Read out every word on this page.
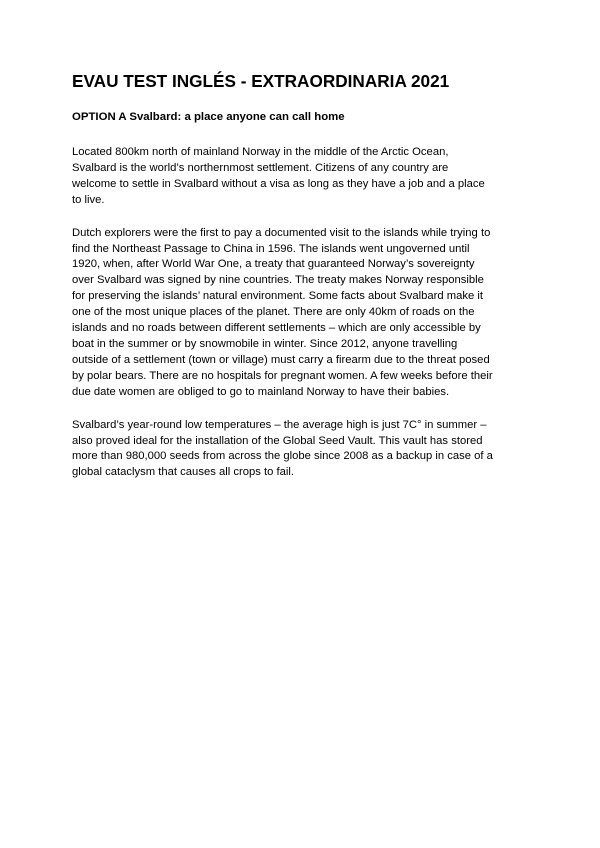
EVAU TEST INGLÉS - EXTRAORDINARIA 2021
OPTION A Svalbard: a place anyone can call home

Located 800km north of mainland Norway in the middle of the Arctic Ocean,
Svalbard is the world’s northernmost settlement. Citizens of any country are
welcome to settle in Svalbard without a visa as long as they have a job and a place
to live.

Dutch explorers were the first to pay a documented visit to the islands while trying to
find the Northeast Passage to China in 1596. The islands went ungoverned until
1920, when, after World War One, a treaty that guaranteed Norway’s sovereignty
over Svalbard was signed by nine countries. The treaty makes Norway responsible
for preserving the islands’ natural environment. Some facts about Svalbard make it
one of the most unique places of the planet. There are only 40km of roads on the
islands and no roads between different settlements – which are only accessible by
boat in the summer or by snowmobile in winter. Since 2012, anyone travelling
outside of a settlement (town or village) must carry a firearm due to the threat posed
by polar bears. There are no hospitals for pregnant women. A few weeks before their
due date women are obliged to go to mainland Norway to have their babies.

Svalbard’s year-round low temperatures – the average high is just 7C° in summer –
also proved ideal for the installation of the Global Seed Vault. This vault has stored
more than 980,000 seeds from across the globe since 2008 as a backup in case of a
global cataclysm that causes all crops to fail.
